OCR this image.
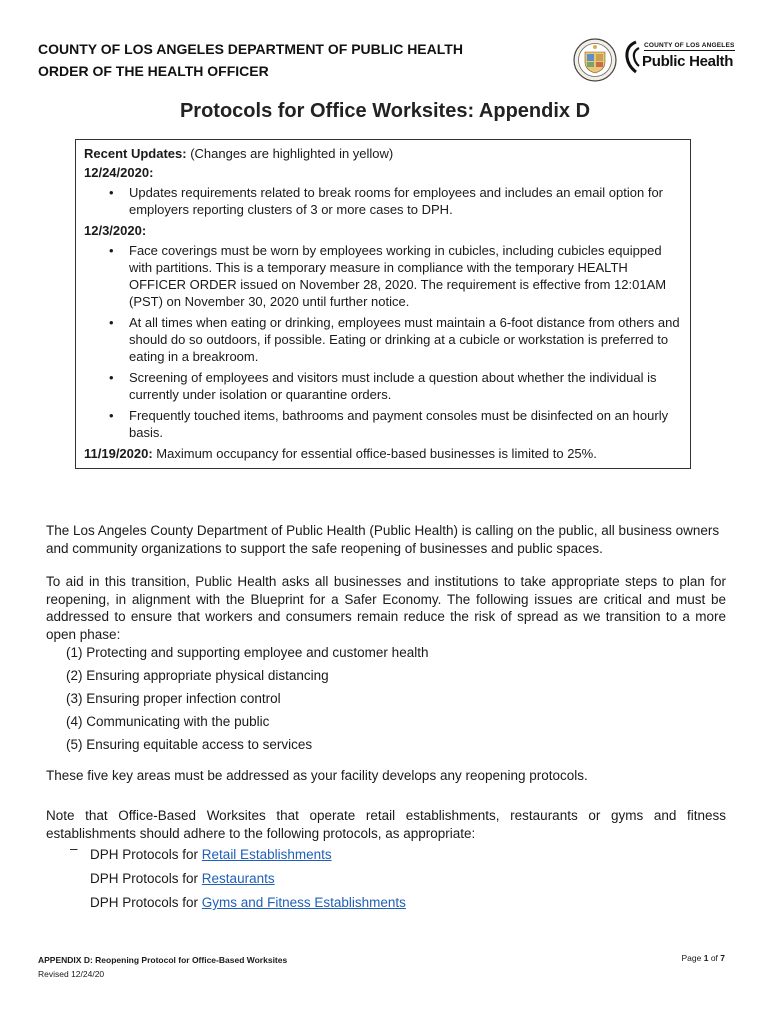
COUNTY OF LOS ANGELES DEPARTMENT OF PUBLIC HEALTH
ORDER OF THE HEALTH OFFICER
COUNTY OF LOS ANGELES
Public Health
Protocols for Office Worksites: Appendix D

Recent Updates: (Changes are highlighted in yellow)

12/24/2020:

• Updates requirements related to break rooms for employees and includes an email option for employers reporting clusters of 3 or more cases to DPH.

12/3/2020:

• Face coverings must be worn by employees working in cubicles, including cubicles equipped with partitions. This is a temporary measure in compliance with the temporary HEALTH OFFICER ORDER issued on November 28, 2020. The requirement is effective from 12:01AM (PST) on November 30, 2020 until further notice.
• At all times when eating or drinking, employees must maintain a 6-foot distance from others and should do so outdoors, if possible. Eating or drinking at a cubicle or workstation is preferred to eating in a breakroom.
• Screening of employees and visitors must include a question about whether the individual is currently under isolation or quarantine orders.
• Frequently touched items, bathrooms and payment consoles must be disinfected on an hourly basis.

11/19/2020: Maximum occupancy for essential office-based businesses is limited to 25%.

The Los Angeles County Department of Public Health (Public Health) is calling on the public, all business owners and community organizations to support the safe reopening of businesses and public spaces.
To aid in this transition, Public Health asks all businesses and institutions to take appropriate steps to plan for reopening, in alignment with the Blueprint for a Safer Economy. The following issues are critical and must be addressed to ensure that workers and consumers remain reduce the risk of spread as we transition to a more open phase:
(1) Protecting and supporting employee and customer health
(2) Ensuring appropriate physical distancing
(3) Ensuring proper infection control
(4) Communicating with the public
(5) Ensuring equitable access to services
These five key areas must be addressed as your facility develops any reopening protocols.
Note that Office-Based Worksites that operate retail establishments, restaurants or gyms and fitness establishments should adhere to the following protocols, as appropriate:
– DPH Protocols for Retail Establishments
DPH Protocols for Restaurants
DPH Protocols for Gyms and Fitness Establishments
APPENDIX D: Reopening Protocol for Office-Based Worksites
Revised 12/24/20
Page 1 of 7
